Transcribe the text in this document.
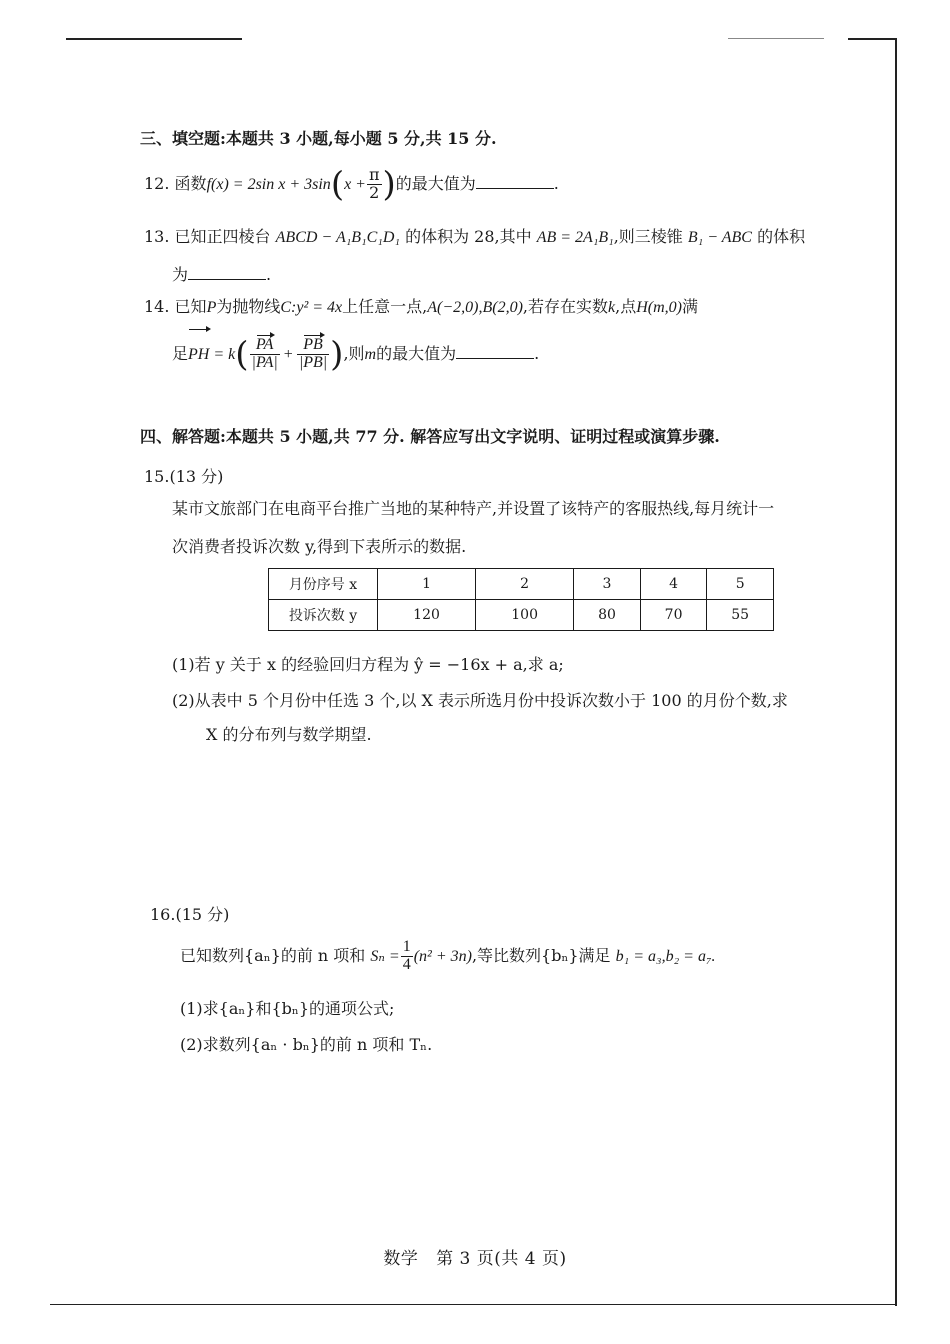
三、填空题:本题共 3 小题,每小题 5 分,共 15 分.
12. 函数f(x) = 2sin $x + 3\sin(x + \frac{\pi}{2}$ )的最大值为	.
13. 已知正四棱台 ABCD − A₁B₁C₁D₁ 的体积为 28,其中 AB = 2A₁B₁,则三棱锥 B₁ − ABC 的体积
为	.
14. 已知P为抛物线C:y² = 4x上任意一点,A(−2,0),B(2,0),若存在实数k,点H(m,0)满
足PH = $k( \frac{PA}{|PA|} + \frac{PB}{|PB|}$ ),则m的最大值为	.
四、解答题:本题共 5 小题,共 77 分. 解答应写出文字说明、证明过程或演算步骤.
15.(13 分)
某市文旅部门在电商平台推广当地的某种特产,并设置了该特产的客服热线,每月统计一
次消费者投诉次数 y,得到下表所示的数据.
月份序号 x	1	2	3	4	5
投诉次数 y	120	100	80	70	55
(1)若 y 关于 x 的经验回归方程为 ŷ = −16x + a,求 a;
(2)从表中 5 个月份中任选 3 个,以 X 表示所选月份中投诉次数小于 100 的月份个数,求
X 的分布列与数学期望.
16.(15 分)
已知数列{aₙ}的前 n 项和 $S_n = \frac{1}{4} (n^2 + 3n)$,等比数列{bₙ}满足 b₁ = a₃,b₂ = a₇.
(1)求{aₙ}和{bₙ}的通项公式;
(2)求数列{aₙ · bₙ}的前 n 项和 Tₙ.
数学   第 3 页(共 4 页)
